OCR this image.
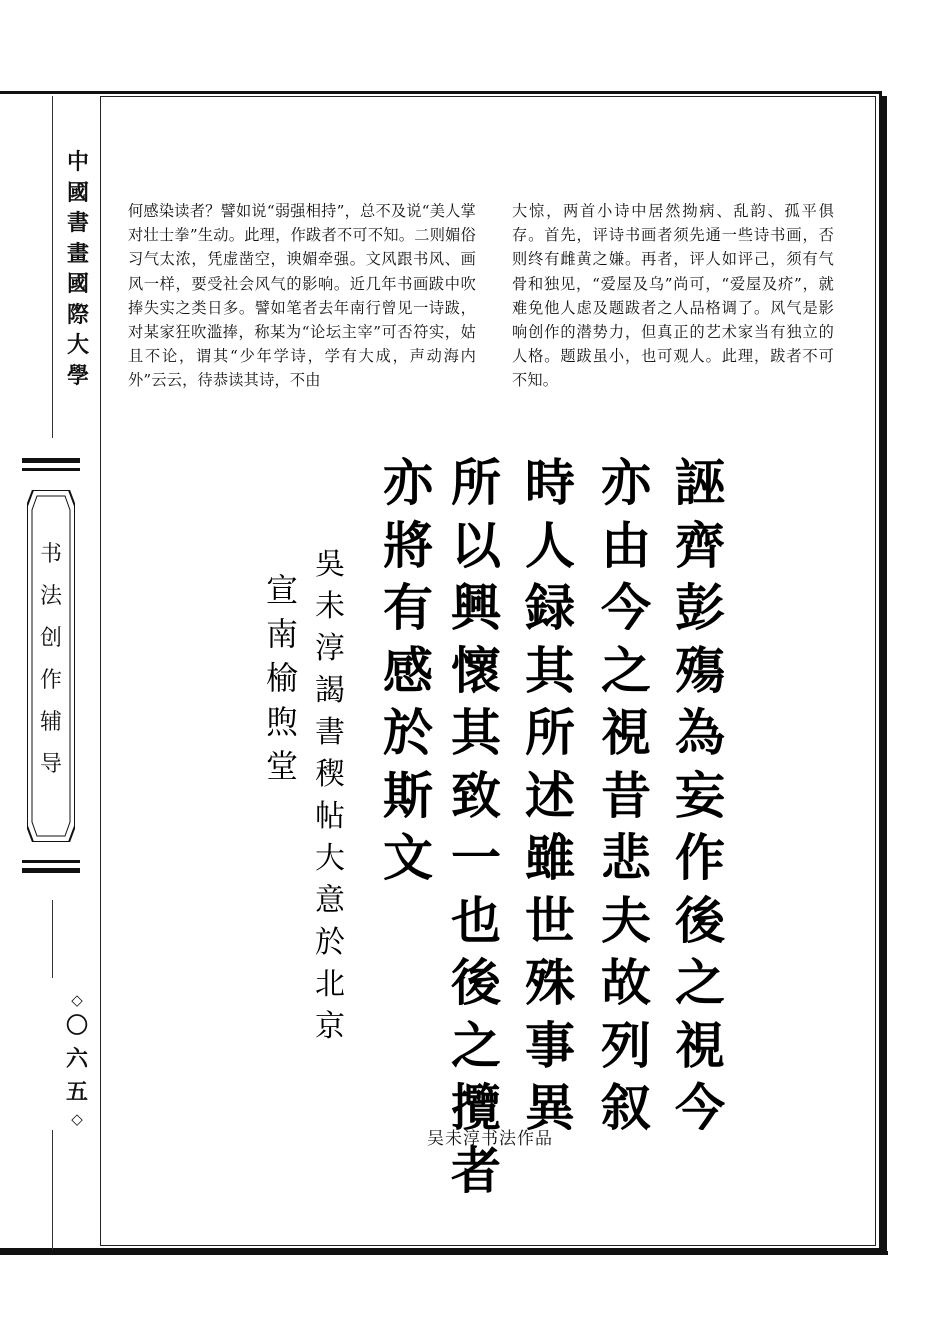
中
國
書
畫
國
際
大
學
书
法
创
作
辅
导
◇
〇
六
五
◇
何感染读者？譬如说“弱强相持”，总不及说“美人掌对壮士拳”生动。此理，作跋者不可不知。二则媚俗习气太浓，凭虚凿空，谀媚牵强。文风跟书风、画风一样，要受社会风气的影响。近几年书画跋中吹捧失实之类日多。譬如笔者去年南行曾见一诗跋，对某家狂吹滥捧，称某为“论坛主宰”可否符实，姑且不论，谓其“少年学诗，学有大成，声动海内外”云云，待恭读其诗，不由
大惊，两首小诗中居然拗病、乱韵、孤平俱存。首先，评诗书画者须先通一些诗书画，否则终有雌黄之嫌。再者，评人如评己，须有气骨和独见，“爱屋及乌”尚可，“爱屋及疥”，就难免他人虑及题跋者之人品格调了。风气是影响创作的潜势力，但真正的艺术家当有独立的人格。题跋虽小，也可观人。此理，跋者不可不知。
誣
齊
彭
殤
為
妄
作
後
之
視
今
亦
由
今
之
視
昔
悲
夫
故
列
叙
時
人
録
其
所
述
雖
世
殊
事
異
所
以
興
懷
其
致
一
也
後
之
攬
者
亦
將
有
感
於
斯
文
吳
未
淳
謁
書
稧
帖
大
意
於
北
京
宣
南
榆
煦
堂
吴未淳书法作品
